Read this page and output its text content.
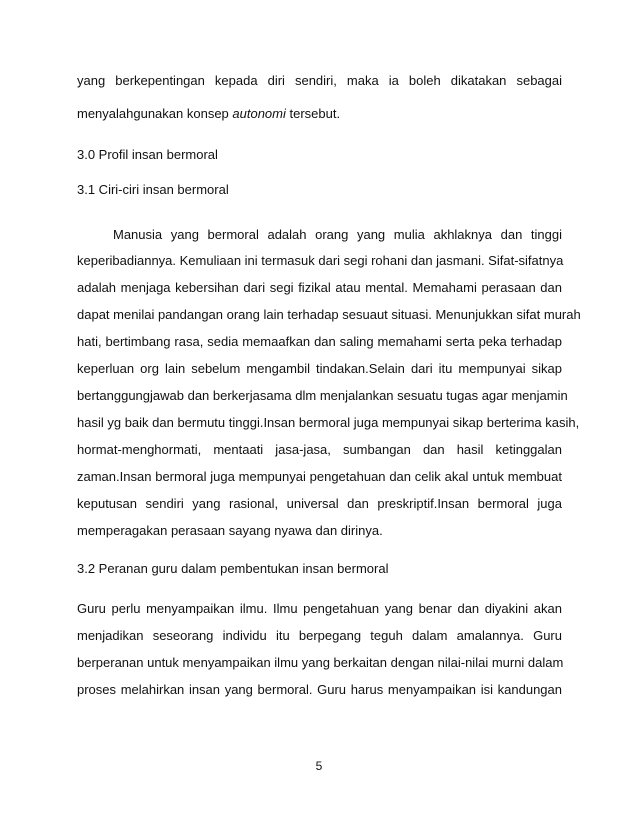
yang berkepentingan kepada diri sendiri, maka ia boleh dikatakan sebagai
menyalahgunakan konsep autonomi tersebut.
3.0 Profil insan bermoral
3.1 Ciri-ciri insan bermoral
Manusia yang bermoral adalah orang yang mulia akhlaknya dan tinggi
keperibadiannya. Kemuliaan ini termasuk dari segi rohani dan jasmani. Sifat-sifatnya
adalah menjaga kebersihan dari segi fizikal atau mental. Memahami perasaan dan
dapat menilai pandangan orang lain terhadap sesuaut situasi. Menunjukkan sifat murah
hati, bertimbang rasa, sedia memaafkan dan saling memahami serta peka terhadap
keperluan org lain sebelum mengambil tindakan.Selain dari itu mempunyai sikap
bertanggungjawab dan berkerjasama dlm menjalankan sesuatu tugas agar menjamin
hasil yg baik dan bermutu tinggi.Insan bermoral juga mempunyai sikap berterima kasih,
hormat-menghormati, mentaati jasa-jasa, sumbangan dan hasil ketinggalan
zaman.Insan bermoral juga mempunyai pengetahuan dan celik akal untuk membuat
keputusan sendiri yang rasional, universal dan preskriptif.Insan bermoral juga
memperagakan perasaan sayang nyawa dan dirinya.
3.2 Peranan guru dalam pembentukan insan bermoral
Guru perlu menyampaikan ilmu. Ilmu pengetahuan yang benar dan diyakini akan
menjadikan seseorang individu itu berpegang teguh dalam amalannya. Guru
berperanan untuk menyampaikan ilmu yang berkaitan dengan nilai-nilai murni dalam
proses melahirkan insan yang bermoral. Guru harus menyampaikan isi kandungan
5
